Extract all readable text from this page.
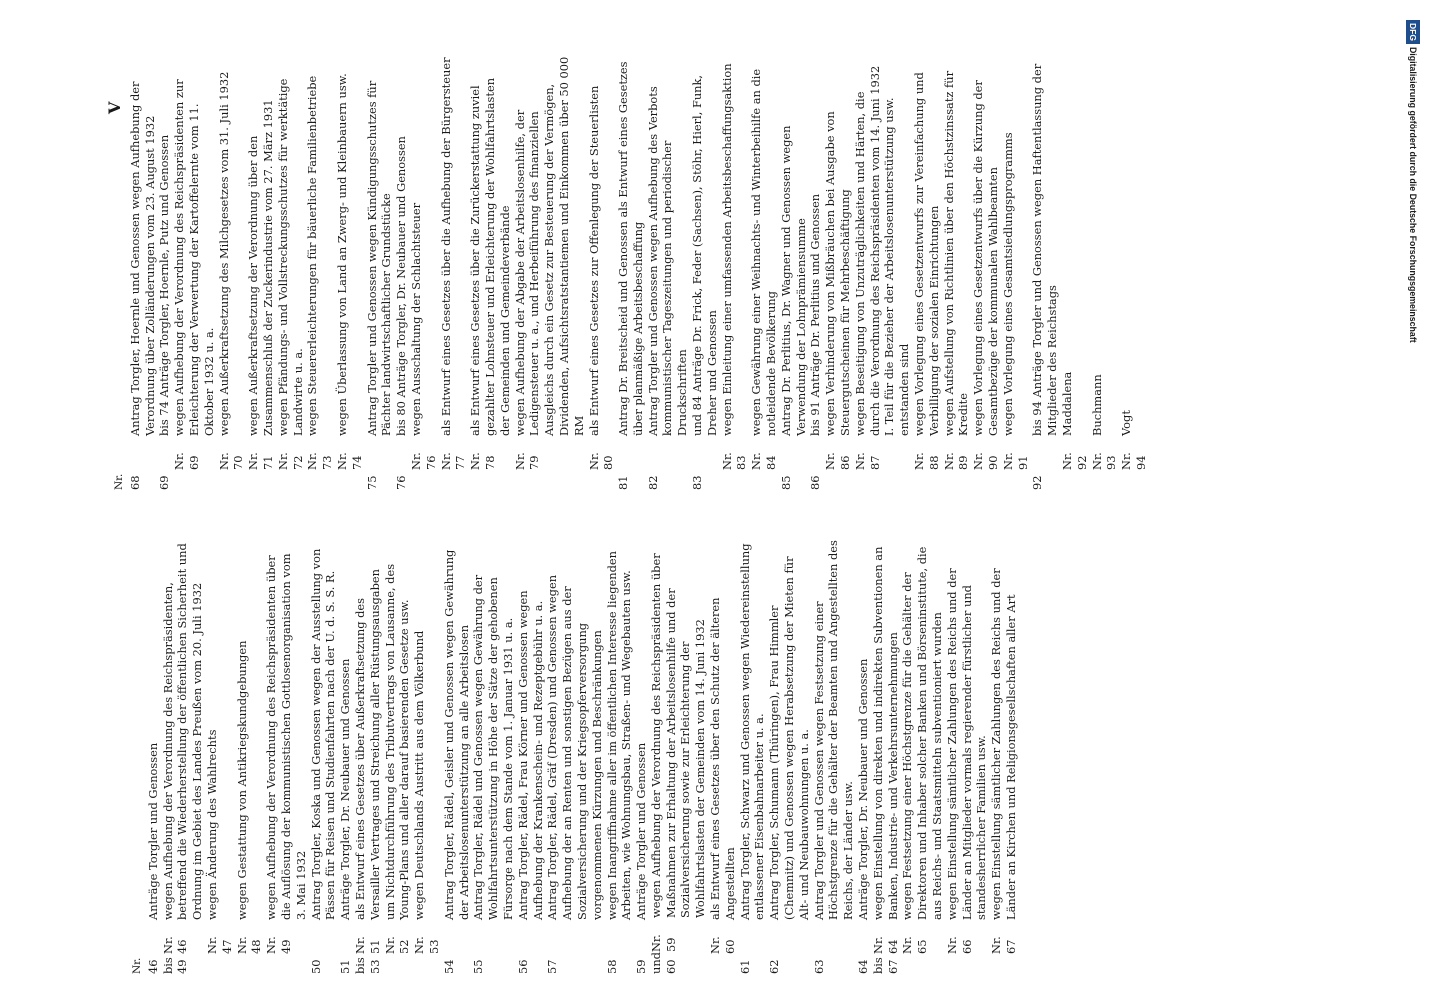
V
Nr. 46
Anträge Torgler und Genossen
bis 49
Nr. 46
wegen Aufhebung der Verordnung des Reichspräsidenten, betreffend die Wiederherstellung der öffentlichen Sicherheit und Ordnung im Gebiet des Landes Preußen vom 20. Juli 1932
Nr. 47
wegen Änderung des Wahlrechts
Nr. 48
wegen Gestattung von Antikriegskundgebungen
Nr. 49
wegen Aufhebung der Verordnung des Reichspräsidenten über die Auflösung der kommunistischen Gottlosenorganisation vom 3. Mai 1932
50
Antrag Torgler, Koska und Genossen wegen der Ausstellung von Pässen für Reisen und Studienfahrten nach der U. d. S. S. R.
51
Anträge Torgler, Dr. Neubauer und Genossen
bis 53
Nr. 51
als Entwurf eines Gesetzes über Außerkraftsetzung des Versailler Vertrages und Streichung aller Rüstungsausgaben
Nr. 52
um Nichtdurchführung des Tributvertrags von Lausanne, des Young-Plans und aller darauf basierenden Gesetze usw.
Nr. 53
wegen Deutschlands Austritt aus dem Völkerbund
54
Antrag Torgler, Rädel, Geisler und Genossen wegen Gewährung der Arbeitslosenunterstützung an alle Arbeitslosen
55
Antrag Torgler, Rädel und Genossen wegen Gewährung der Wohlfahrtsunterstützung in Höhe der Sätze der gehobenen Fürsorge nach dem Stande vom 1. Januar 1931 u. a.
56
Antrag Torgler, Rädel, Frau Körner und Genossen wegen Aufhebung der Krankenschein- und Rezeptgebühr u. a.
57
Antrag Torgler, Rädel, Gräf (Dresden) und Genossen wegen Aufhebung der an Renten und sonstigen Bezügen aus der Sozialversicherung und der Kriegsopferversorgung vorgenommenen Kürzungen und Beschränkungen
58
wegen Inangriffnahme aller im öffentlichen Interesse liegenden Arbeiten, wie Wohnungsbau, Straßen- und Wegebauten usw.
59
Anträge Torgler und Genossen
und 60
Nr. 59
wegen Aufhebung der Verordnung des Reichspräsidenten über Maßnahmen zur Erhaltung der Arbeitslosenhilfe und der Sozialversicherung sowie zur Erleichterung der Wohlfahrtslasten der Gemeinden vom 14. Juni 1932
Nr. 60
als Entwurf eines Gesetzes über den Schutz der älteren Angestellten
61
Antrag Torgler, Schwarz und Genossen wegen Wiedereinstellung entlassener Eisenbahnarbeiter u. a.
62
Antrag Torgler, Schumann (Thüringen), Frau Himmler (Chemnitz) und Genossen wegen Herabsetzung der Mieten für Alt- und Neubauwohnungen u. a.
63
Antrag Torgler und Genossen wegen Festsetzung einer Höchstgrenze für die Gehälter der Beamten und Angestellten des Reichs, der Länder usw.
64
Anträge Torgler, Dr. Neubauer und Genossen
bis 67
Nr. 64
wegen Einstellung von direkten und indirekten Subventionen an Banken, Industrie- und Verkehrsunternehmungen
Nr. 65
wegen Festsetzung einer Höchstgrenze für die Gehälter der Direktoren und Inhaber solcher Banken und Börseninstitute, die aus Reichs- und Staatsmitteln subventioniert wurden
Nr. 66
wegen Einstellung sämtlicher Zahlungen des Reichs und der Länder an Mitglieder vormals regierender fürstlicher und standesherrlicher Familien usw.
Nr. 67
wegen Einstellung sämtlicher Zahlungen des Reichs und der Länder an Kirchen und Religionsgesellschaften aller Art
Nr. 68
Antrag Torgler, Hoernle und Genossen wegen Aufhebung der Verordnung über Zolländerungen vom 23. August 1932
69
bis 74 Anträge Torgler, Hoernle, Putz und Genossen
Nr. 69
wegen Aufhebung der Verordnung des Reichspräsidenten zur Erleichterung der Verwertung der Kartoffelernte vom 11. Oktober 1932 u. a.
Nr. 70
wegen Außerkraftsetzung des Milchgesetzes vom 31. Juli 1932
Nr. 71
wegen Außerkraftsetzung der Verordnung über den Zusammenschluß der Zuckerindustrie vom 27. März 1931
Nr. 72
wegen Pfändungs- und Vollstreckungsschutzes für werktätige Landwirte u. a.
Nr. 73
wegen Steuererleichterungen für bäuerliche Familienbetriebe
Nr. 74
wegen Überlassung von Land an Zwerg- und Kleinbauern usw.
75
Antrag Torgler und Genossen wegen Kündigungsschutzes für Pächter landwirtschaftlicher Grundstücke
76
bis 80 Anträge Torgler, Dr. Neubauer und Genossen
Nr. 76
wegen Ausschaltung der Schlachtsteuer
Nr. 77
als Entwurf eines Gesetzes über die Aufhebung der Bürgersteuer
Nr. 78
als Entwurf eines Gesetzes über die Zurückerstattung zuviel gezahlter Lohnsteuer und Erleichterung der Wohlfahrtslasten der Gemeinden und Gemeindeverbände
Nr. 79
wegen Aufhebung der Abgabe der Arbeitslosenhilfe, der Ledigensteuer u. a., und Herbeiführung des finanziellen Ausgleichs durch ein Gesetz zur Besteuerung der Vermögen, Dividenden, Aufsichtsratstantiemen und Einkommen über 50 000 RM
Nr. 80
als Entwurf eines Gesetzes zur Offenlegung der Steuerlisten
81
Antrag Dr. Breitscheid und Genossen als Entwurf eines Gesetzes über planmäßige Arbeitsbeschaffung
82
Antrag Torgler und Genossen wegen Aufhebung des Verbots kommunistischer Tageszeitungen und periodischer Druckschriften
83
und 84 Anträge Dr. Frick, Feder (Sachsen), Stöhr, Hierl, Funk, Dreher und Genossen
Nr. 83
wegen Einleitung einer umfassenden Arbeitsbeschaffungsaktion
Nr. 84
wegen Gewährung einer Weihnachts- und Winterbeihilfe an die notleidende Bevölkerung
85
Antrag Dr. Perlitius, Dr. Wagner und Genossen wegen Verwendung der Lohnprämiensumme
86
bis 91 Anträge Dr. Perlitius und Genossen
Nr. 86
wegen Verhinderung von Mißbräuchen bei Ausgabe von Steuergutscheinen für Mehrbeschäftigung
Nr. 87
wegen Beseitigung von Unzuträglichkeiten und Härten, die durch die Verordnung des Reichspräsidenten vom 14. Juni 1932 I. Teil für die Bezieher der Arbeitslosenunterstützung usw. entstanden sind
Nr. 88
wegen Vorlegung eines Gesetzentwurfs zur Vereinfachung und Verbilligung der sozialen Einrichtungen
Nr. 89
wegen Aufstellung von Richtlinien über den Höchstzinssatz für Kredite
Nr. 90
wegen Vorlegung eines Gesetzentwurfs über die Kürzung der Gesamtbezüge der kommunalen Wahlbeamten
Nr. 91
wegen Vorlegung eines Gesamtsiedlungsprogramms
92
bis 94 Anträge Torgler und Genossen wegen Haftentlassung der Mitglieder des Reichstags
Nr. 92
Maddalena
Nr. 93
Buchmann
Nr. 94
Vogt
DFGDigitalisierung gefördert durch die Deutsche Forschungsgemeinschaft
